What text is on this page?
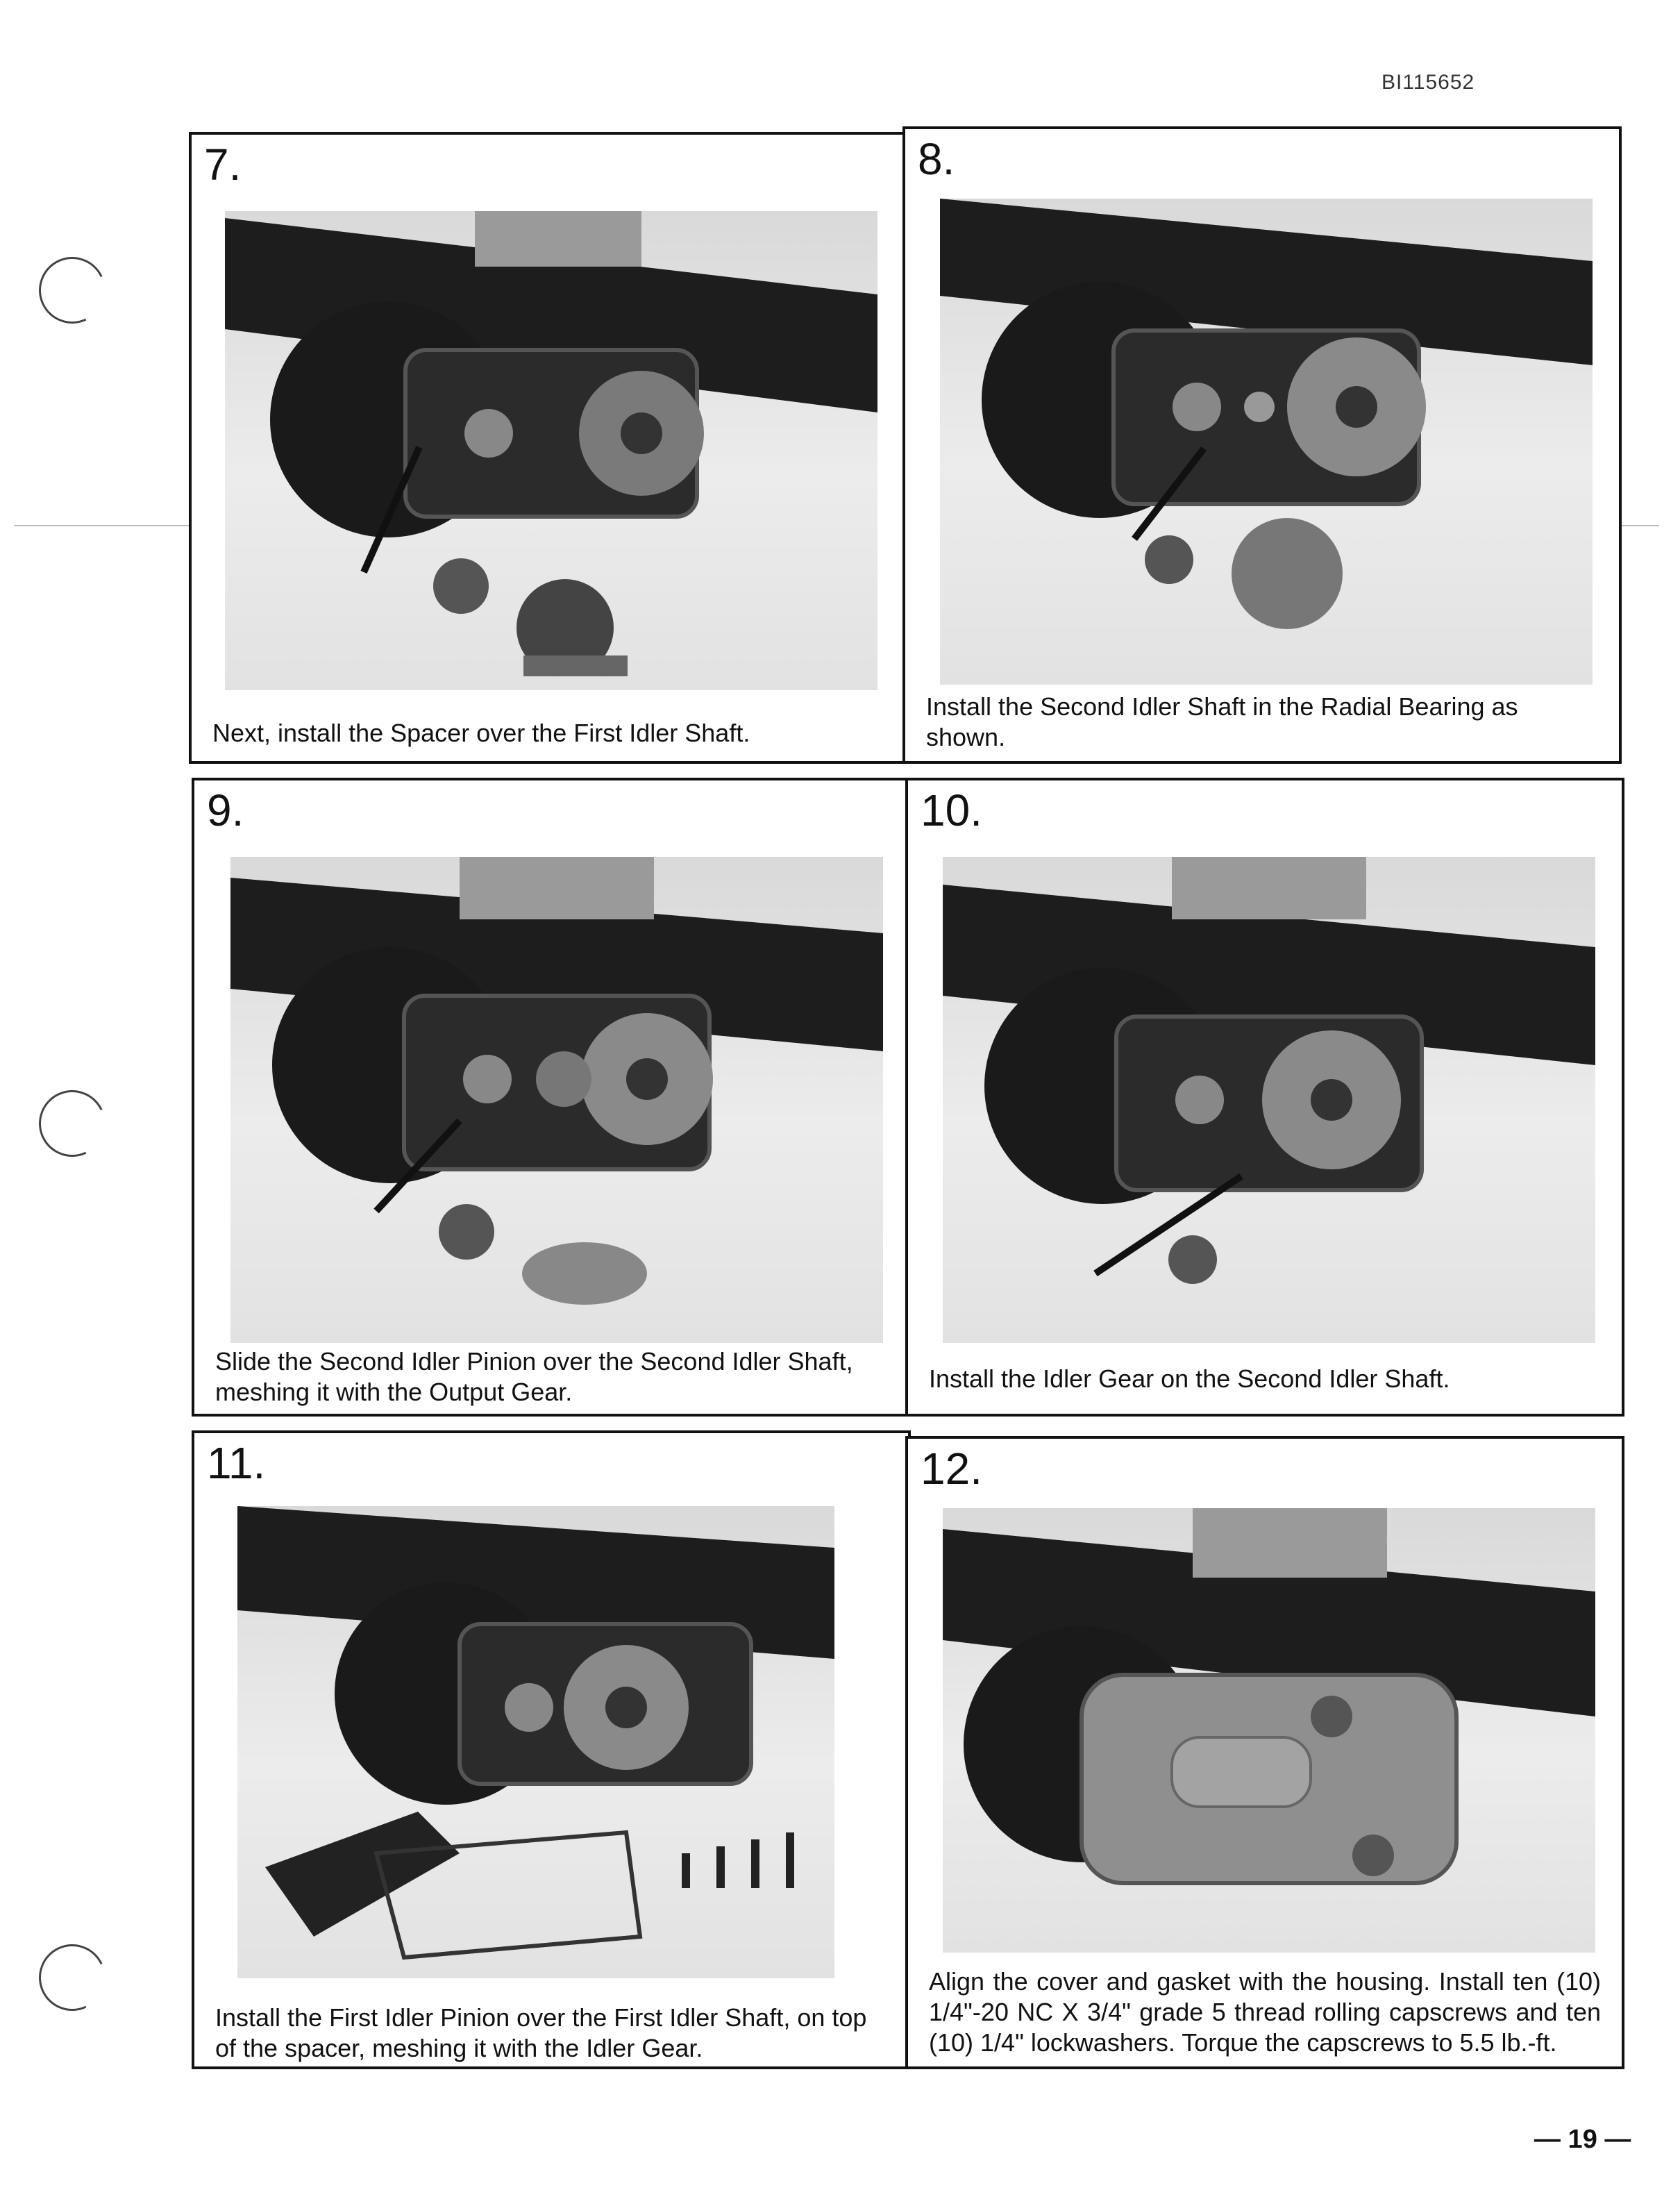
BI115652
7.
Next, install the Spacer over the First Idler Shaft.
8.
Install the Second Idler Shaft in the Radial Bearing as shown.
9.
Slide the Second Idler Pinion over the Second Idler Shaft, meshing it with the Output Gear.
10.
Install the Idler Gear on the Second Idler Shaft.
11.
Install the First Idler Pinion over the First Idler Shaft, on top of the spacer, meshing it with the Idler Gear.
12.
Align the cover and gasket with the housing. Install ten (10) 1/4"-20 NC X 3/4" grade 5 thread rolling capscrews and ten (10) 1/4" lockwashers. Torque the capscrews to 5.5 lb.-ft.
— 19 —
